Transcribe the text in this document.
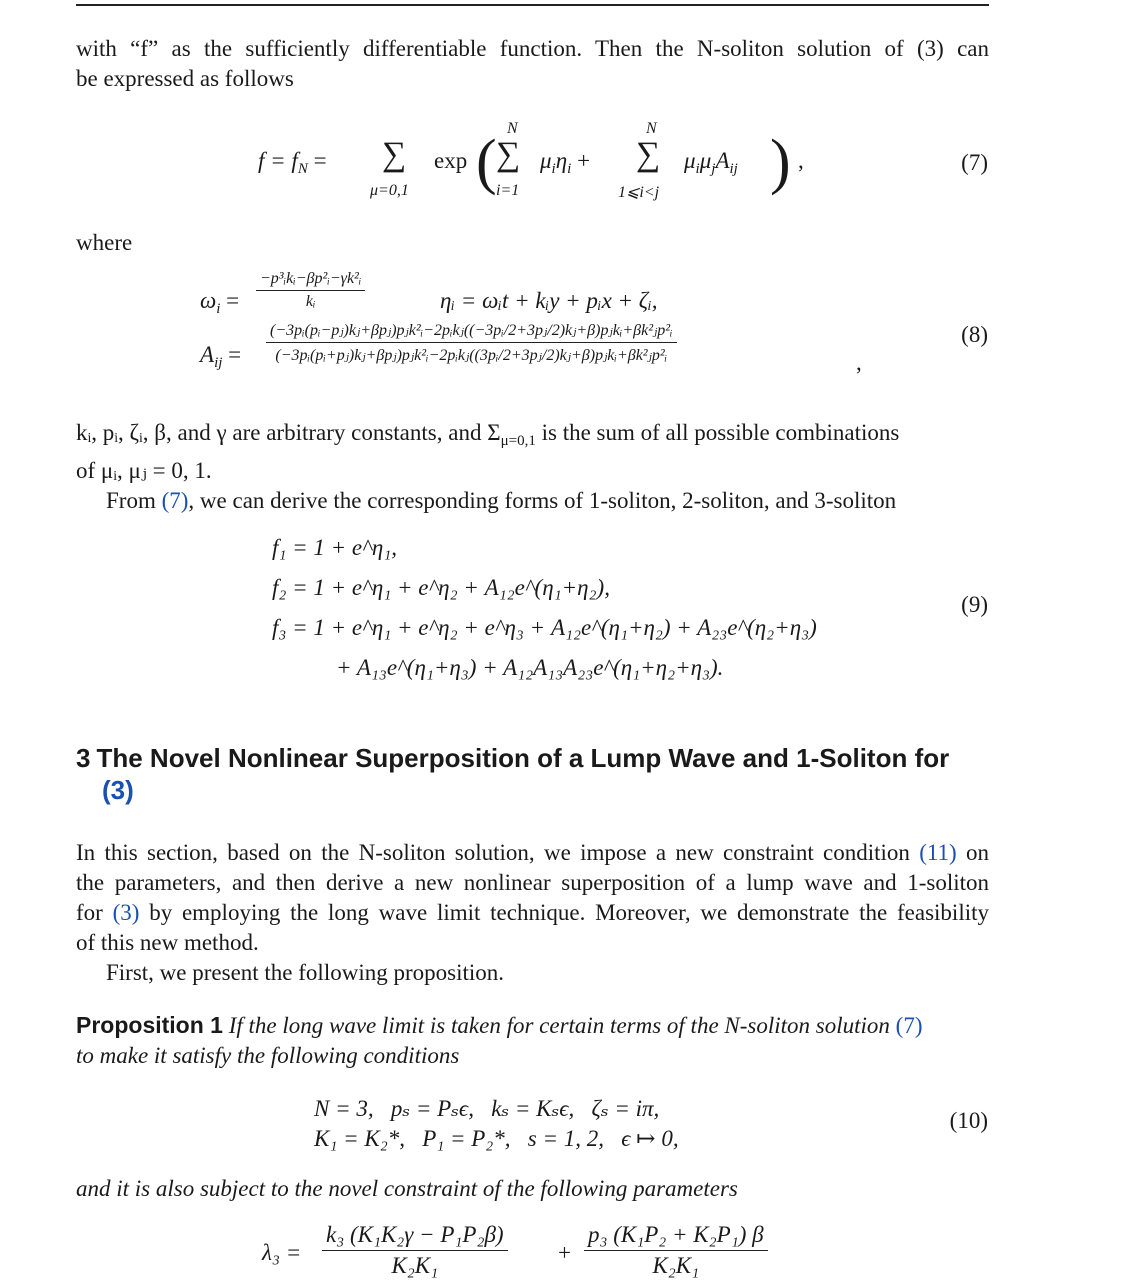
with “f” as the sufficiently differentiable function. Then the N-soliton solution of (3) can
be expressed as follows
$f = f_N$ = ∑
μ=0,1
exp ( ∑
N
i=1
$\mu_i\eta_i$ + ∑
N
1⩽i<j
$\mu_i\mu_jA_{ij}$ ) ,	(7)
where
$\omega_i$ =
−p³ᵢkᵢ−βp²ᵢ−γk²ᵢ
kᵢ	ηᵢ = ωᵢt + kᵢy + pᵢx + ζᵢ,
$A_{ij}$ =
(−3pᵢ(pᵢ−pⱼ)kⱼ+βpⱼ)pⱼk²ᵢ−2pᵢkⱼ((−3pᵢ/2+3pⱼ/2)kⱼ+β)pⱼkᵢ+βk²ⱼp²ᵢ
(−3pᵢ(pᵢ+pⱼ)kⱼ+βpⱼ)pⱼk²ᵢ−2pᵢkⱼ((3pᵢ/2+3pⱼ/2)kⱼ+β)pⱼkᵢ+βk²ⱼp²ᵢ	,
(8)
kᵢ, pᵢ, ζᵢ, β, and γ are arbitrary constants, and $\Sigma_{\mu=0,1}$ is the sum of all possible combinations
of μᵢ, μⱼ = 0, 1.
From (7), we can derive the corresponding forms of 1-soliton, 2-soliton, and 3-soliton
f₁ = 1 + e^η₁,
f₂ = 1 + e^η₁ + e^η₂ + A₁₂e^(η₁+η₂),
f₃ = 1 + e^η₁ + e^η₂ + e^η₃ + A₁₂e^(η₁+η₂) + A₂₃e^(η₂+η₃)
+ A₁₃e^(η₁+η₃) + A₁₂A₁₃A₂₃e^(η₁+η₂+η₃).
(9)
3 The Novel Nonlinear Superposition of a Lump Wave and 1-Soliton for
(3)
In this section, based on the N-soliton solution, we impose a new constraint condition (11) on
the parameters, and then derive a new nonlinear superposition of a lump wave and 1-soliton
for (3) by employing the long wave limit technique. Moreover, we demonstrate the feasibility
of this new method.
First, we present the following proposition.
Proposition 1 If the long wave limit is taken for certain terms of the N-soliton solution (7)
to make it satisfy the following conditions
N = 3,   pₛ = Pₛϵ,   kₛ = Kₛϵ,   ζₛ = iπ,
K₁ = K₂*,   P₁ = P₂*,   s = 1, 2,   ϵ ↦ 0,
(10)
and it is also subject to the novel constraint of the following parameters
$\lambda_3 = \frac{\text{k₃ (K₁K₂γ − P₁P₂β)}}{\text{K₂K₁}} + \frac{\text{p₃ (K₁P₂ + K₂P₁) β}}{\text{K₂K₁}}$
